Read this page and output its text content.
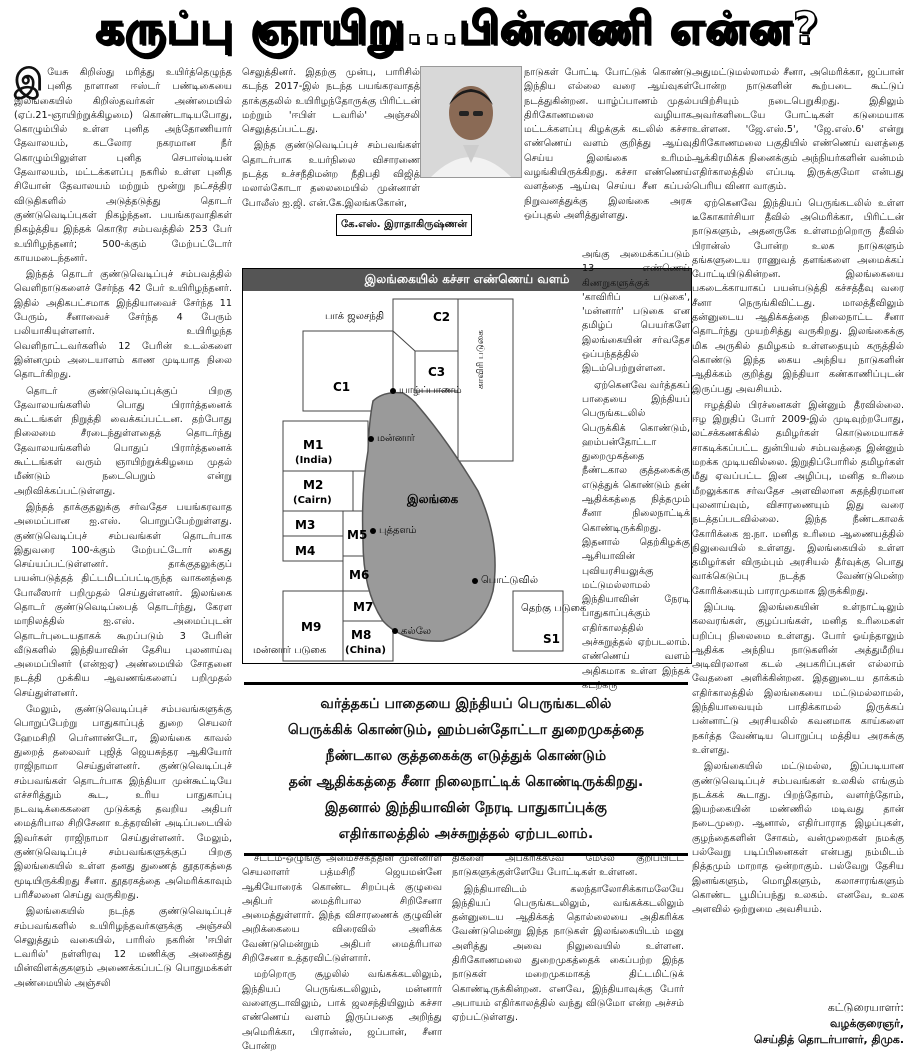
கருப்பு ஞாயிறு...பின்னணி என்ன?

இயேசு கிறிஸ்து மரித்து உயிர்த்தெழுந்த புனித நாளான ஈஸ்டர் பண்டிகையை இலங்கையில் கிறிஸ்தவர்கள் அண்மையில் (ஏப்.21-ஞாயிற்றுக்கிழமை) கொண்டாடியபோது, கொழும்பில் உள்ள புனித அந்தோணியார் தேவாலயம், கடலோர நகரமான நீர் கொழும்பிலுள்ள புனித செபாஸ்டியன் தேவாலயம், மட்டக்களப்பு நகரில் உள்ள புனித சியோன் தேவாலயம் மற்றும் மூன்று நட்சத்திர விடுதிகளில் அடுத்தடுத்து தொடர் குண்டுவெடிப்புகள் நிகழ்ந்தன. பயங்கரவாதிகள் நிகழ்த்திய இந்தக் கொடூர சம்பவத்தில் 253 பேர் உயிரிழந்தனர்; 500-க்கும் மேற்பட்டோர் காயமடைந்தனர்.

இந்தத் தொடர் குண்டுவெடிப்புச் சம்பவத்தில் வெளிநாடுகளைச் சேர்ந்த 42 பேர் உயிரிழந்தனர். இதில் அதிகபட்சமாக இந்தியாவைச் சேர்ந்த 11 பேரும், சீனாவைச் சேர்ந்த 4 பேரும் பலியாகியுள்ளனர். உயிரிழந்த வெளிநாட்டவர்களில் 12 பேரின் உடல்களை இன்னமும் அடையாளம் காண முடியாத நிலை தொடர்கிறது.

தொடர் குண்டுவெடிப்புக்குப் பிறகு தேவாலயங்களில் பொது பிரார்த்தனைக் கூட்டங்கள் நிறுத்தி வைக்கப்பட்டன. தற்போது நிலைமை சீரடைந்துள்ளதைத் தொடர்ந்து தேவாலயங்களில் பொதுப் பிரார்த்தனைக் கூட்டங்கள் வரும் ஞாயிற்றுக்கிழமை முதல் மீண்டும் நடைபெறும் என்று அறிவிக்கப்பட்டுள்ளது.

இந்தத் தாக்குதலுக்கு சர்வதேச பயங்கரவாத அமைப்பான ஐ.எஸ். பொறுப்பேற்றுள்ளது. குண்டுவெடிப்புச் சம்பவங்கள் தொடர்பாக இதுவரை 100-க்கும் மேற்பட்டோர் கைது செய்யப்பட்டுள்ளனர். தாக்குதலுக்குப் பயன்படுத்தத் திட்டமிடப்பட்டிருந்த வாகனத்தை போலீஸார் பறிமுதல் செய்துள்ளனர். இலங்கை தொடர் குண்டுவெடிப்பைத் தொடர்ந்து, கேரள மாநிலத்தில் ஐ.எஸ். அமைப்புடன் தொடர்புடையதாகக் கூறப்படும் 3 பேரின் வீடுகளில் இந்தியாவின் தேசிய புலனாய்வு அமைப்பினர் (என்ஐஏ) அண்மையில் சோதனை நடத்தி முக்கிய ஆவணங்களைப் பறிமுதல் செய்துள்ளனர்.

மேலும், குண்டுவெடிப்புச் சம்பவங்களுக்கு பொறுப்பேற்று பாதுகாப்புத் துறை செயலர் ஹேமசிறி பெர்னாண்டோ, இலங்கை காவல் துறைத் தலைவர் புஜித் ஜெயசுந்தர ஆகியோர் ராஜிநாமா செய்துள்ளனர். குண்டுவெடிப்புச் சம்பவங்கள் தொடர்பாக இந்தியா முன்கூட்டியே எச்சரித்தும் கூட, உரிய பாதுகாப்பு நடவடிக்கைகளை முடுக்கத் தவறிய அதிபர் மைத்ரிபால சிறிசேனா உத்தரவின் அடிப்படையில் இவர்கள் ராஜிநாமா செய்துள்ளனர். மேலும், குண்டுவெடிப்புச் சம்பவங்களுக்குப் பிறகு இலங்கையில் உள்ள தனது துணைத் தூதரகத்தை மூடியிருக்கிறது சீனா. தூதரகத்தை அமெரிக்காவும் பரிசீலனை செய்து வருகிறது.

இலங்கையில் நடந்த குண்டுவெடிப்புச் சம்பவங்களில் உயிரிழந்தவர்களுக்கு அஞ்சலி செலுத்தும் வகையில், பாரிஸ் நகரின் 'ஈபிள் டவரில்' நள்ளிரவு 12 மணிக்கு அனைத்து மின்விளக்குகளும் அணைக்கப்பட்டு பொதுமக்கள் அண்மையில் அஞ்சலி

செலுத்தினர். இதற்கு முன்பு, பாரிசில் கடந்த 2017-இல் நடந்த பயங்கரவாதத் தாக்குதலில் உயிரிழந்தோருக்கு பிரிட்டன் மற்றும் 'ஈபிள் டவரில்' அஞ்சலி செலுத்தப்பட்டது.

இந்த குண்டுவெடிப்புச் சம்பவங்கள் தொடர்பாக உயர்நிலை விசாரணை நடத்த உச்சநீதிமன்ற நீதிபதி விஜித் மலால்கோடா தலைமையில் முன்னாள் போலீஸ் ஐ.ஜி. என்.கே.இலங்ககோன்,

நாடுகள் போட்டி போட்டுக் கொண்டு இந்திய எல்லை வரை ஆய்வுகள் நடத்துகின்றன. யாழ்ப்பாணம் முதல் திரிகோணமலை வழியாக மட்டக்களப்பு கிழக்குக் கடலில் கச்சா எண்ணெய் வளம் குறித்து ஆய்வு செய்ய இலங்கை உரிமம் வழங்கியிருக்கிறது. கச்சா எண்ணெய் வளத்தை ஆய்வு செய்ய சீன கப்பல் நிறுவனத்துக்கு இலங்கை அரசு ஒப்புதல் அளித்துள்ளது.

கே.எஸ். இராதாகிருஷ்ணன்
இலங்கையில் கச்சா எண்ணெய் வளம்
பாக் ஜலசந்தி
யாழ்ப்பாணம்
மன்னார்
புத்தளம்
இலங்கை
பொட்டுவில்
கல்லே
மன்னார் படுகை
தெற்கு படுகை
காவிரி படுகை
C2
C3
C1
M1
(India)
M2
(Cairn)
M3
M4
M5
M6
M7
M8
(China)
M9
S1

அங்கு அமைக்கப்படும் 13 எண்ணெய் கிணறுகளுக்குக் 'காவிரிப் படுகை', 'மன்னார்' படுகை என தமிழ்ப் பெயர்களே இலங்கையின் சர்வதேச ஒப்பந்தத்தில் இடம்பெற்றுள்ளன.

ஏற்கெனவே வர்த்தகப் பாதையை இந்தியப் பெருங்கடலில் பெருக்கிக் கொண்டும், ஹம்பன்தோட்டா துறைமுகத்தை நீண்டகால குத்தகைக்கு எடுத்துக் கொண்டும் தன் ஆதிக்கத்தை நித்தமும் சீனா நிலைநாட்டிக் கொண்டிருக்கிறது. இதனால் தெற்கிழக்கு ஆசியாவின் புவியரசியலுக்கு மட்டுமல்லாமல் இந்தியாவின் நேரடி பாதுகாப்புக்கும் எதிர்காலத்தில் அச்சுறுத்தல் ஏற்படலாம். எண்ணெய் வளம் அதிகமாக உள்ள இந்தக் கடற்கரு

வர்த்தகப் பாதையை இந்தியப் பெருங்கடலில்
பெருக்கிக் கொண்டும், ஹம்பன்தோட்டா துறைமுகத்தை
நீண்டகால குத்தகைக்கு எடுத்துக் கொண்டும்
தன் ஆதிக்கத்தை சீனா நிலைநாட்டிக் கொண்டிருக்கிறது.
இதனால் இந்தியாவின் நேரடி பாதுகாப்புக்கு
எதிர்காலத்தில் அச்சுறுத்தல் ஏற்படலாம்.

அதுமட்டுமல்லாமல் சீனா, அமெரிக்கா, ஜப்பான் போன்ற நாடுகளின் கூற்படை கூட்டுப் பயிற்சியும் நடைபெறுகிறது. இதிலும் அவர்களிடையே போட்டிகள் கடுமையாக உள்ளன. 'ஜே.எஸ்.5', 'ஜே.எஸ்.6' என்று திரிகோணமலை பகுதியில் எண்ணெய் வளத்தை ஆக்கிரமிக்க நினைக்கும் அந்நியர்களின் வன்மம் எதிர்காலத்தில் எப்படி இருக்குமோ என்பது பெரிய வினா வாகும்.

ஏற்கெனவே இந்தியப் பெருங்கடலில் உள்ள டீகோகார்சியா தீவில் அமெரிக்கா, பிரிட்டன் நாடுகளும், அதனருகே உள்ளமற்றொரு தீவில் பிரான்ஸ் போன்ற உலக நாடுகளும் தங்களுடைய ராணுவத் தளங்களை அமைக்கப் போட்டியிடுகின்றன. இலங்கையை பகடைக்காயாகப் பயன்படுத்தி கச்சத்தீவு வரை சீனா நெருங்கிவிட்டது. மாலத்தீவிலும் தன்னுடைய ஆதிக்கத்தை நிலைநாட்ட சீனா தொடர்ந்து முயற்சித்து வருகிறது. இலங்கைக்கு மிக அருகில் தமிழகம் உள்ளதையும் கருத்தில் கொண்டு இந்த கைய அந்நிய நாடுகளின் ஆதிக்கம் குறித்து இந்தியா கண்காணிப்புடன் இருப்பது அவசியம்.

ஈழத்தில் பிரச்னைகள் இன்னும் தீரவில்லை. ஈழ இறுதிப் போர் 2009-இல் முடிவுற்றபோது, லட்சக்கணக்கில் தமிழர்கள் கொடுமையாகச் சாகடிக்கப்பட்ட துன்பியல் சம்பவத்தை இன்னும் மறக்க முடியவில்லை. இறுதிப்போரில் தமிழர்கள் மீது ஏவப்பட்ட இன அழிப்பு, மனித உரிமை மீறலுக்காக சர்வதேச அளவிலான சுதந்திரமான புலனாய்வும், விசாரணையும் இது வரை நடத்தப்படவில்லை. இந்த நீண்டகாலக் கோரிக்கை ஐ.நா. மனித உரிமை ஆணையத்தில் நிலுவையில் உள்ளது. இலங்கையில் உள்ள தமிழர்கள் விரும்பும் அரசியல் தீர்வுக்கு பொது வாக்கெடுப்பு நடத்த வேண்டுமென்ற கோரிக்கையும் பாராமுகமாக இருக்கிறது.

இப்படி இலங்கையின் உள்நாட்டிலும் கலவரங்கள், குழப்பங்கள், மனித உரிமைகள் பறிப்பு நிலைமை உள்ளது. போர் ஓய்ந்தாலும் ஆதிக்க அந்நிய நாடுகளின் அத்துமீறிய அடிவிரலான கடல் அபகரிப்புகள் எல்லாம் வேதனை அளிக்கின்றன. இதனுடைய தாக்கம் எதிர்காலத்தில் இலங்கையை மட்டுமல்லாமல், இந்தியாவையும் பாதிக்காமல் இருக்கப் பன்னாட்டு அரசியலில் கவனமாக காய்களை நகர்த்த வேண்டிய பொறுப்பு மத்திய அரசுக்கு உள்ளது.

இலங்கையில் மட்டுமல்ல, இப்படியான குண்டுவெடிப்புச் சம்பவங்கள் உலகில் எங்கும் நடக்கக் கூடாது. பிறந்தோம், வளர்ந்தோம், இயற்கையின் மண்ணில் மடிவது தான் நடைமுறை. ஆனால், எதிர்பாராத இழப்புகள், குழந்தைகளின் சோகம், வன்முறைகள் நமக்கு பல்வேறு படிப்பினைகள் என்பது நம்மிடம் நித்தமும் மாறாத ஒன்றாகும். பல்வேறு தேசிய இனங்களும், மொழிகளும், கலாசாரங்களும் கொண்ட பூமிப்பந்து உலகம். எனவே, உலக அளவில் ஒற்றுமை அவசியம்.

சட்டம்-ஒழுங்கு அமைச்சகத்தின் முன்னாள் செயலாளர் பத்மசிறீ ஜெயமன்னே ஆகியோரைக் கொண்ட சிறப்புக் குழுவை அதிபர் மைத்ரிபால சிறிசேனா அமைத்துள்ளார். இந்த விசாரணைக் குழுவின் அறிக்கையை விரைவில் அளிக்க வேண்டுமென்றும் அதிபர் மைத்ரிபால சிறிசேனா உத்தரவிட்டுள்ளார்.

மற்றொரு சூழலில் வங்கக்கடலிலும், இந்தியப் பெருங்கடலிலும், மன்னார் வளைகுடாவிலும், பாக் ஜலசந்தியிலும் கச்சா எண்ணெய் வளம் இருப்பதை அறிந்து அமெரிக்கா, பிரான்ஸ், ஜப்பான், சீனா போன்ற

திகளை அபகரிக்கவே மேலே குறிப்பிட்ட நாடுகளுக்குள்ளேயே போட்டிகள் உள்ளன.

இந்தியாவிடம் கலந்தாலோசிக்காமலேயே இந்தியப் பெருங்கடலிலும், வங்கக்கடலிலும் தன்னுடைய ஆதிக்கத் தொல்லையை அதிகரிக்க வேண்டுமென்று இந்த நாடுகள் இலங்கையிடம் மனு அளித்து அவை நிலுவையில் உள்ளன. திரிகோணமலை துறைமுகத்தைக் கைப்பற்ற இந்த நாடுகள் மறைமுகமாகத் திட்டமிட்டுக் கொண்டிருக்கின்றன. எனவே, இந்தியாவுக்கு போர் அபாயம் எதிர்காலத்தில் வந்து விடுமோ என்ற அச்சம் ஏற்பட்டுள்ளது.

கட்டுரையாளர்:
வழக்குரைஞர்,
செய்தித் தொடர்பாளர், திமுக.
